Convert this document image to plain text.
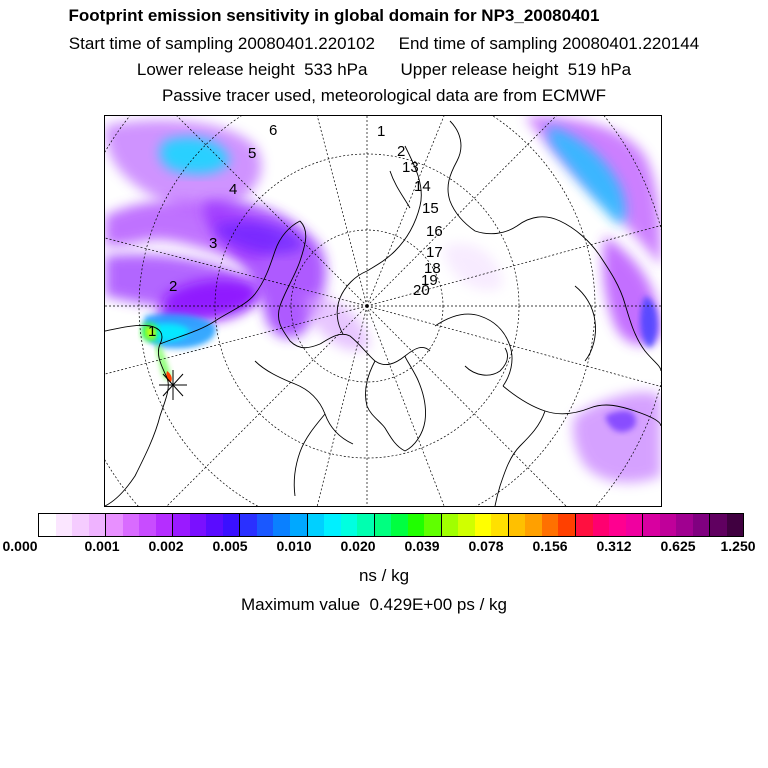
Footprint emission sensitivity in global domain for NP3_20080401
Start time of sampling 20080401.220102     End time of sampling 20080401.220144
Lower release height  533 hPa       Upper release height  519 hPa
Passive tracer used, meteorological data are from ECMWF
1
2
3
4
5
6	1
2
13
14
15
16
17
18
19
20
0.000	0.001 0.002 0.005 0.010 0.020 0.039 0.078 0.156 0.312 0.625 1.250
ns / kg
Maximum value  0.429E+00 ps / kg
